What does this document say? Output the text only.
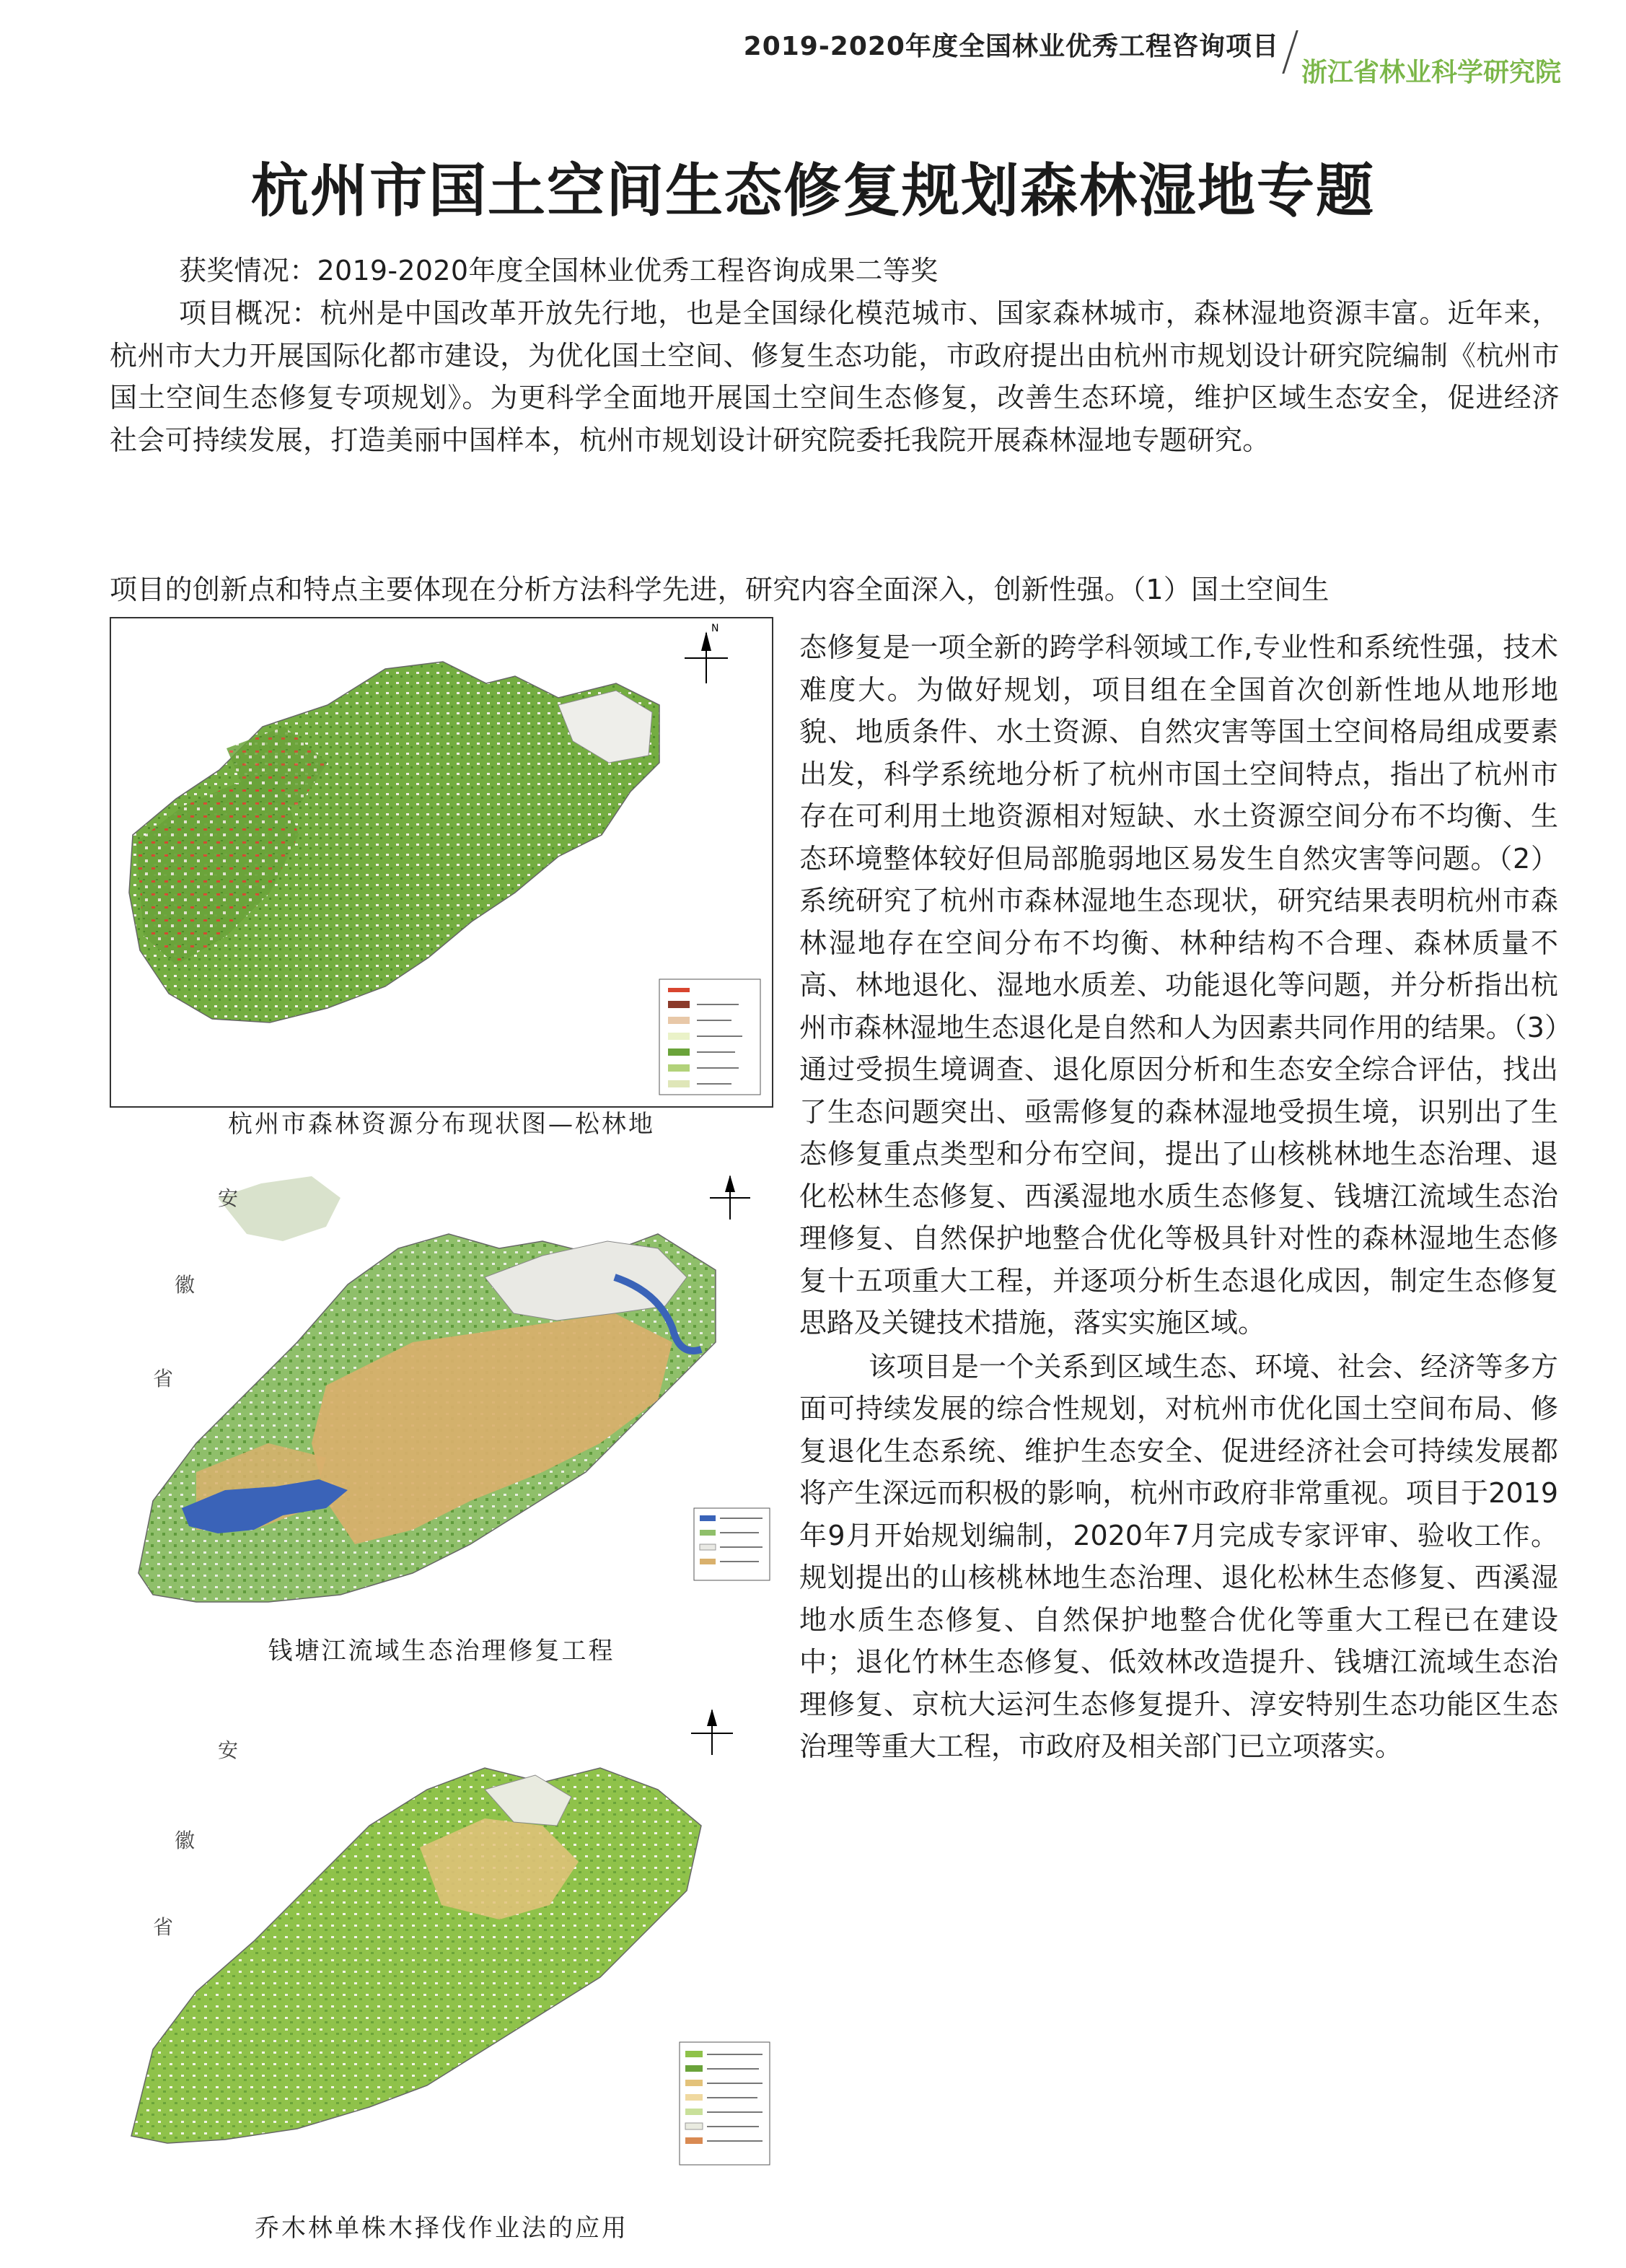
2019-2020年度全国林业优秀工程咨询项目
浙江省林业科学研究院
杭州市国土空间生态修复规划森林湿地专题

获奖情况：2019-2020年度全国林业优秀工程咨询成果二等奖

项目概况：杭州是中国改革开放先行地，也是全国绿化模范城市、国家森林城市，森林湿地资源丰富。近年来，杭州市大力开展国际化都市建设，为优化国土空间、修复生态功能，市政府提出由杭州市规划设计研究院编制《杭州市国土空间生态修复专项规划》。为更科学全面地开展国土空间生态修复，改善生态环境，维护区域生态安全，促进经济社会可持续发展，打造美丽中国样本，杭州市规划设计研究院委托我院开展森林湿地专题研究。

项目的创新点和特点主要体现在分析方法科学先进，研究内容全面深入，创新性强。（1）国土空间生

态修复是一项全新的跨学科领域工作,专业性和系统性强，技术难度大。为做好规划，项目组在全国首次创新性地从地形地貌、地质条件、水土资源、自然灾害等国土空间格局组成要素出发，科学系统地分析了杭州市国土空间特点，指出了杭州市存在可利用土地资源相对短缺、水土资源空间分布不均衡、生态环境整体较好但局部脆弱地区易发生自然灾害等问题。（2）系统研究了杭州市森林湿地生态现状，研究结果表明杭州市森林湿地存在空间分布不均衡、林种结构不合理、森林质量不高、林地退化、湿地水质差、功能退化等问题，并分析指出杭州市森林湿地生态退化是自然和人为因素共同作用的结果。（3）通过受损生境调查、退化原因分析和生态安全综合评估，找出了生态问题突出、亟需修复的森林湿地受损生境，识别出了生态修复重点类型和分布空间，提出了山核桃林地生态治理、退化松林生态修复、西溪湿地水质生态修复、钱塘江流域生态治理修复、自然保护地整合优化等极具针对性的森林湿地生态修复十五项重大工程，并逐项分析生态退化成因，制定生态修复思路及关键技术措施，落实实施区域。

该项目是一个关系到区域生态、环境、社会、经济等多方面可持续发展的综合性规划，对杭州市优化国土空间布局、修复退化生态系统、维护生态安全、促进经济社会可持续发展都将产生深远而积极的影响，杭州市政府非常重视。项目于2019年9月开始规划编制，2020年7月完成专家评审、验收工作。规划提出的山核桃林地生态治理、退化松林生态修复、西溪湿地水质生态修复、自然保护地整合优化等重大工程已在建设中；退化竹林生态修复、低效林改造提升、钱塘江流域生态治理修复、京杭大运河生态修复提升、淳安特别生态功能区生态治理等重大工程，市政府及相关部门已立项落实。

N
杭州市森林资源分布现状图—松林地
安
徽
省
钱塘江流域生态治理修复工程
安
徽
省
乔木林单株木择伐作业法的应用
